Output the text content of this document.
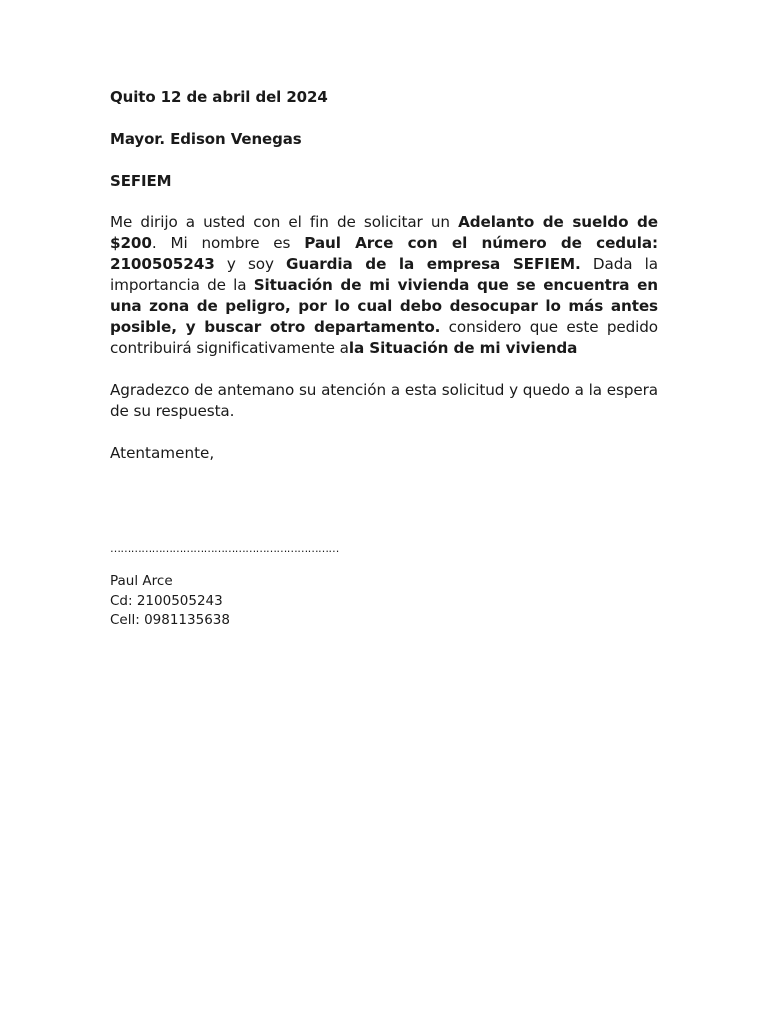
Quito 12 de abril del 2024

Mayor. Edison Venegas

SEFIEM

Me dirijo a usted con el fin de solicitar un Adelanto de sueldo de $200. Mi nombre es Paul Arce con el número de cedula: 2100505243 y soy Guardia de la empresa SEFIEM. Dada la importancia de la Situación de mi vivienda que se encuentra en una zona de peligro, por lo cual debo desocupar lo más antes posible, y buscar otro departamento. considero que este pedido contribuirá significativamente ala Situación de mi vivienda

Agradezco de antemano su atención a esta solicitud y quedo a la espera de su respuesta.

Atentamente,

…………………………………………………………
Paul Arce
Cd: 2100505243
Cell: 0981135638
